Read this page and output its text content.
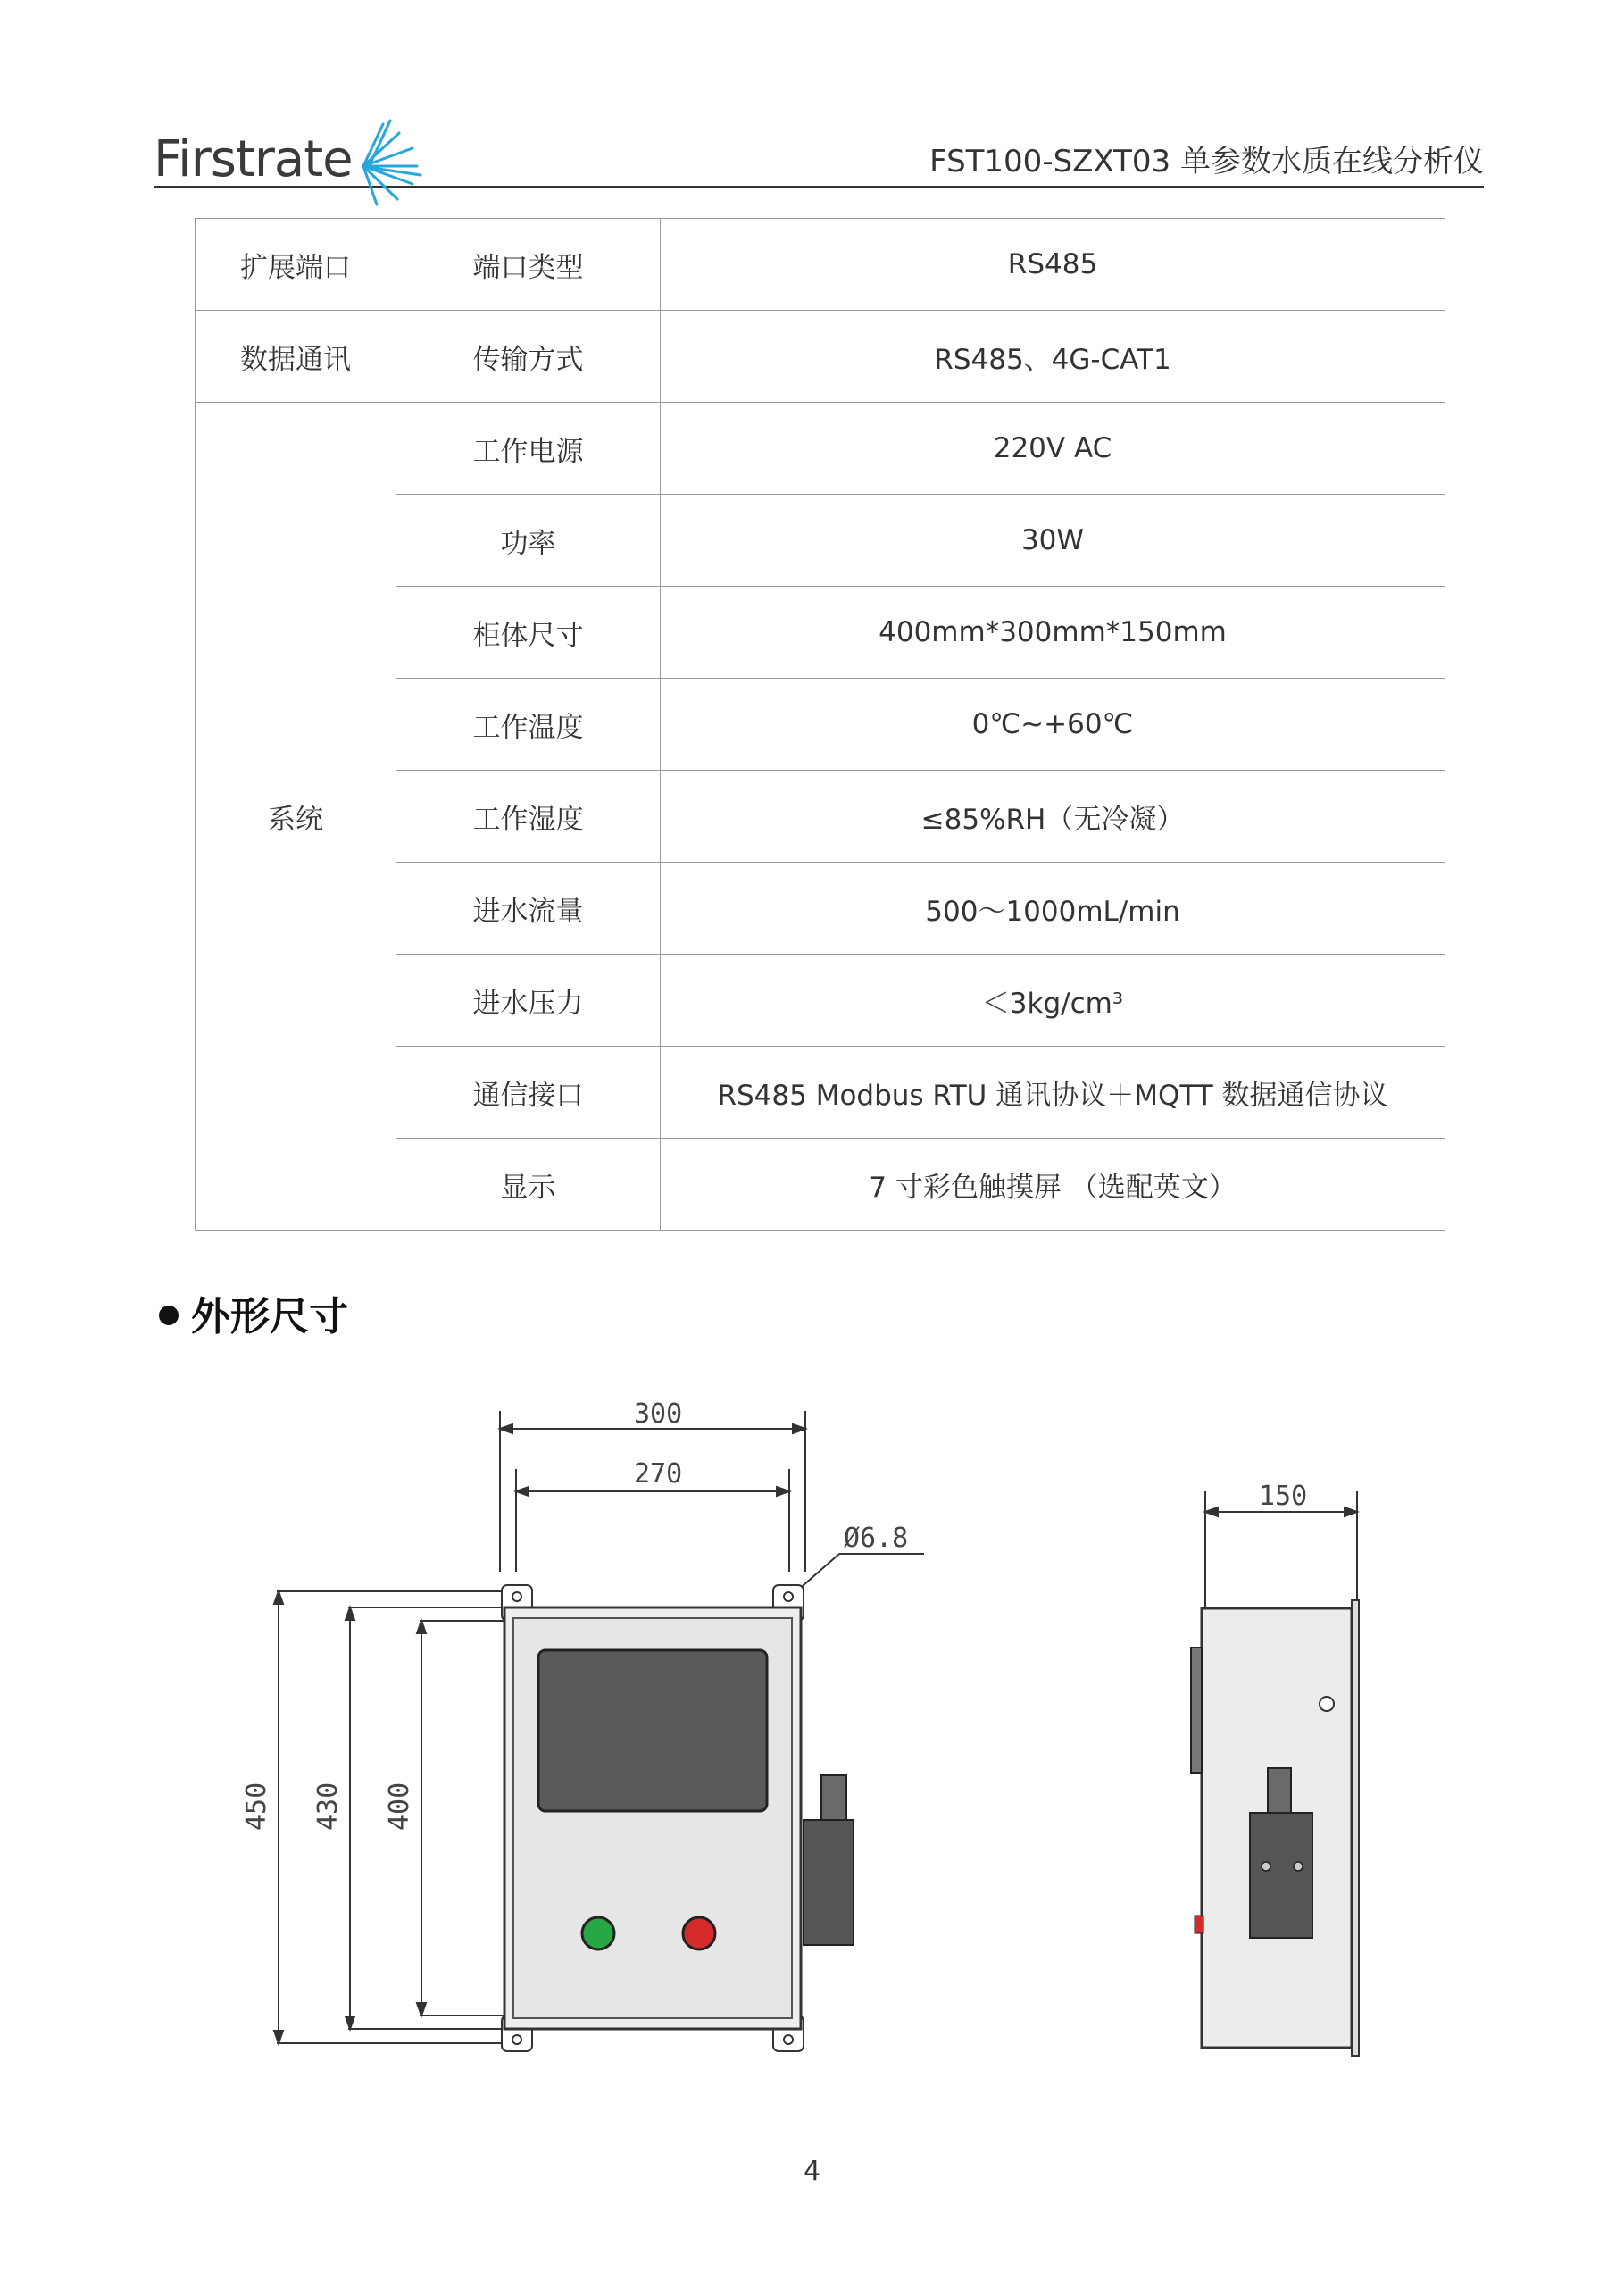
Firstrate	FST100-SZXT03 单参数水质在线分析仪
扩展端口	端口类型	RS485
数据通讯	传输方式	RS485、4G-CAT1
系统	工作电源	220V AC
	功率	30W
	柜体尺寸	400mm*300mm*150mm
	工作温度	0℃~+60℃
	工作湿度	≤85%RH（无冷凝）
	进水流量	500～1000mL/min
	进水压力	＜3kg/cm³
	通信接口	RS485 Modbus RTU 通讯协议＋MQTT 数据通信协议
	显示	7 寸彩色触摸屏 （选配英文）
外形尺寸
300
270
Ø6.8
150
450 430 400
4
